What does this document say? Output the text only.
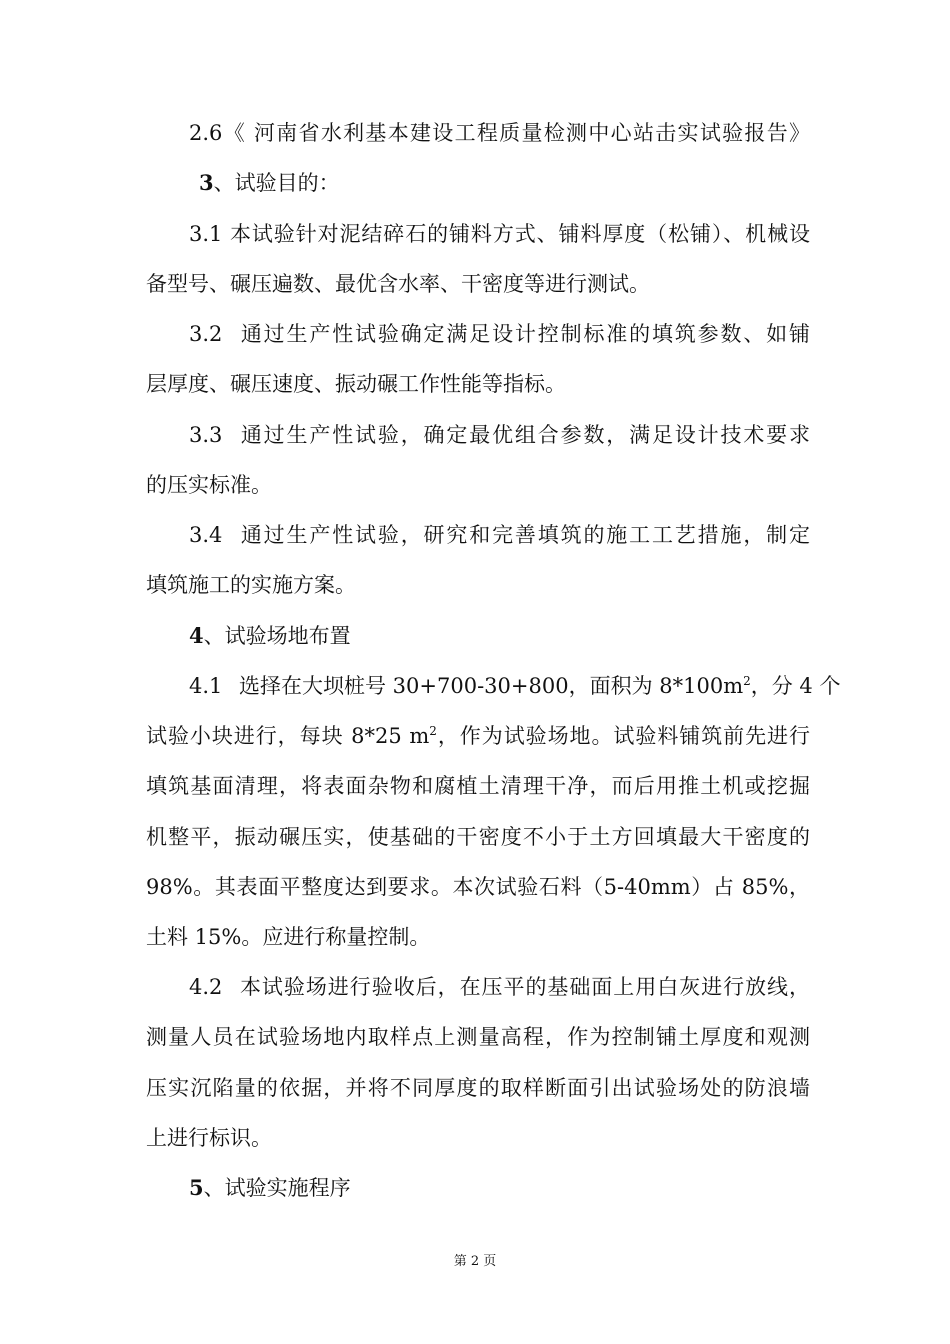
2.6《 河南省水利基本建设工程质量检测中心站击实试验报告》
3、试验目的：
3.1 本试验针对泥结碎石的铺料方式、铺料厚度（松铺）、机械设
备型号、碾压遍数、最优含水率、干密度等进行测试。
3.2 通过生产性试验确定满足设计控制标准的填筑参数、如铺
层厚度、碾压速度、振动碾工作性能等指标。
3.3 通过生产性试验，确定最优组合参数，满足设计技术要求
的压实标准。
3.4 通过生产性试验，研究和完善填筑的施工工艺措施，制定
填筑施工的实施方案。
4、试验场地布置
4.1 选择在大坝桩号 30+700-30+800，面积为 $8*100m^2$，分 4 个
试验小块进行，每块 8*25 $m^2$，作为试验场地。试验料铺筑前先进行
填筑基面清理，将表面杂物和腐植土清理干净，而后用推土机或挖掘
机整平，振动碾压实，使基础的干密度不小于土方回填最大干密度的
98%。其表面平整度达到要求。本次试验石料（5-40mm）占 85%，
土料 15%。应进行称量控制。
4.2 本试验场进行验收后，在压平的基础面上用白灰进行放线，
测量人员在试验场地内取样点上测量高程，作为控制铺土厚度和观测
压实沉陷量的依据，并将不同厚度的取样断面引出试验场处的防浪墙
上进行标识。
5、试验实施程序
第 2 页
